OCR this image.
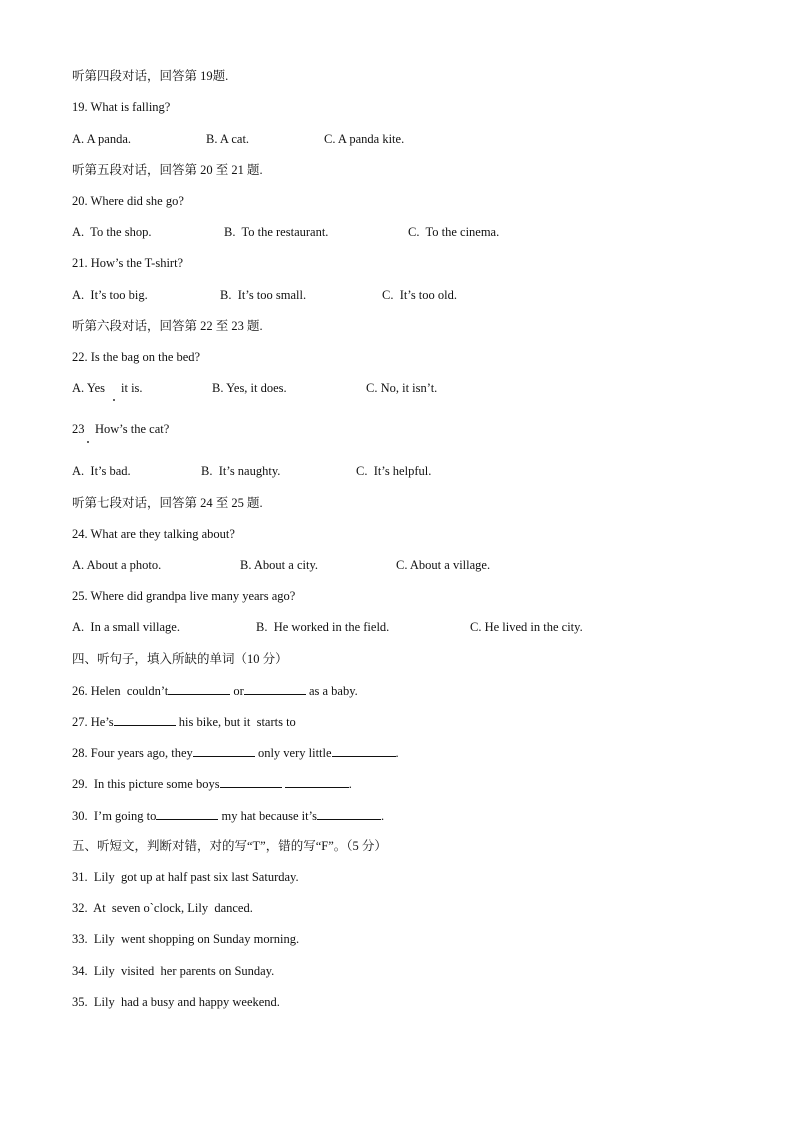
听第四段对话，回答第 19题.
19. What is falling?
A. A panda.	B. A cat.	C. A panda kite.
听第五段对话，回答第 20 至 21 题.
20. Where did she go?
A.  To the shop.	B.  To the restaurant.	C.  To the cinema.
21. How’s the T-shirt?
A.  It’s too big.	B.  It’s too small.	C.  It’s too old.
听第六段对话，回答第 22 至 23 题.
22. Is the bag on the bed?
A. Yes it is.	B. Yes, it does.	C. No, it isn’t.
23 How’s the cat?
A.  It’s bad.	B.  It’s naughty.	C.  It’s helpful.
听第七段对话，回答第 24 至 25 题.
24. What are they talking about?
A. About a photo.	B. About a city.	C. About a village.
25. Where did grandpa live many years ago?
A.  In a small village.	B.  He worked in the field.	C. He lived in the city.
四、听句子，填入所缺的单词（10 分）
26. Helen  couldn’t	or	as a baby.
27. He’s	his bike, but it  starts to
28. Four years ago, they	only very little	.
29.  In this picture some boys	.
30.  I’m going to	my hat because it’s	.
五、听短文，判断对错，对的写“T”，错的写“F”。（5 分）
31.  Lily  got up at half past six last Saturday.
32.  At  seven o`clock, Lily  danced.
33.  Lily  went shopping on Sunday morning.
34.  Lily  visited  her parents on Sunday.
35.  Lily  had a busy and happy weekend.
